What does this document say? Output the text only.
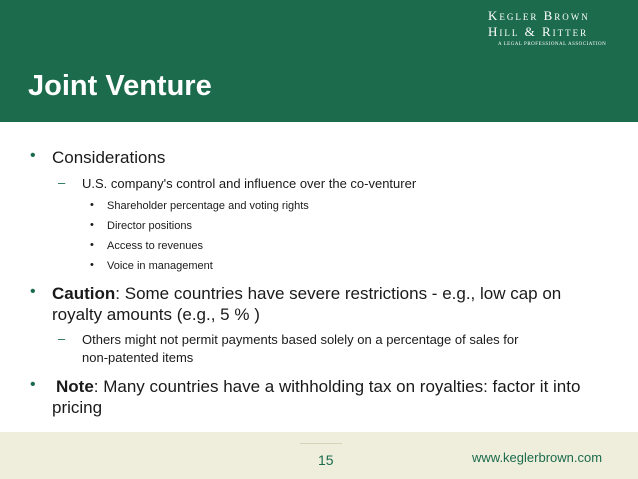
Kegler Brown
Hill & Ritter
A LEGAL PROFESSIONAL ASSOCIATION
Joint Venture
• Considerations
– U.S. company's control and influence over the co-venturer
• Shareholder percentage and voting rights
• Director positions
• Access to revenues
• Voice in management
• Caution: Some countries have severe restrictions - e.g., low cap on
royalty amounts (e.g., 5 % )
– Others might not permit payments based solely on a percentage of sales for
non-patented items
• Note: Many countries have a withholding tax on royalties: factor it into
pricing
15	www.keglerbrown.com
